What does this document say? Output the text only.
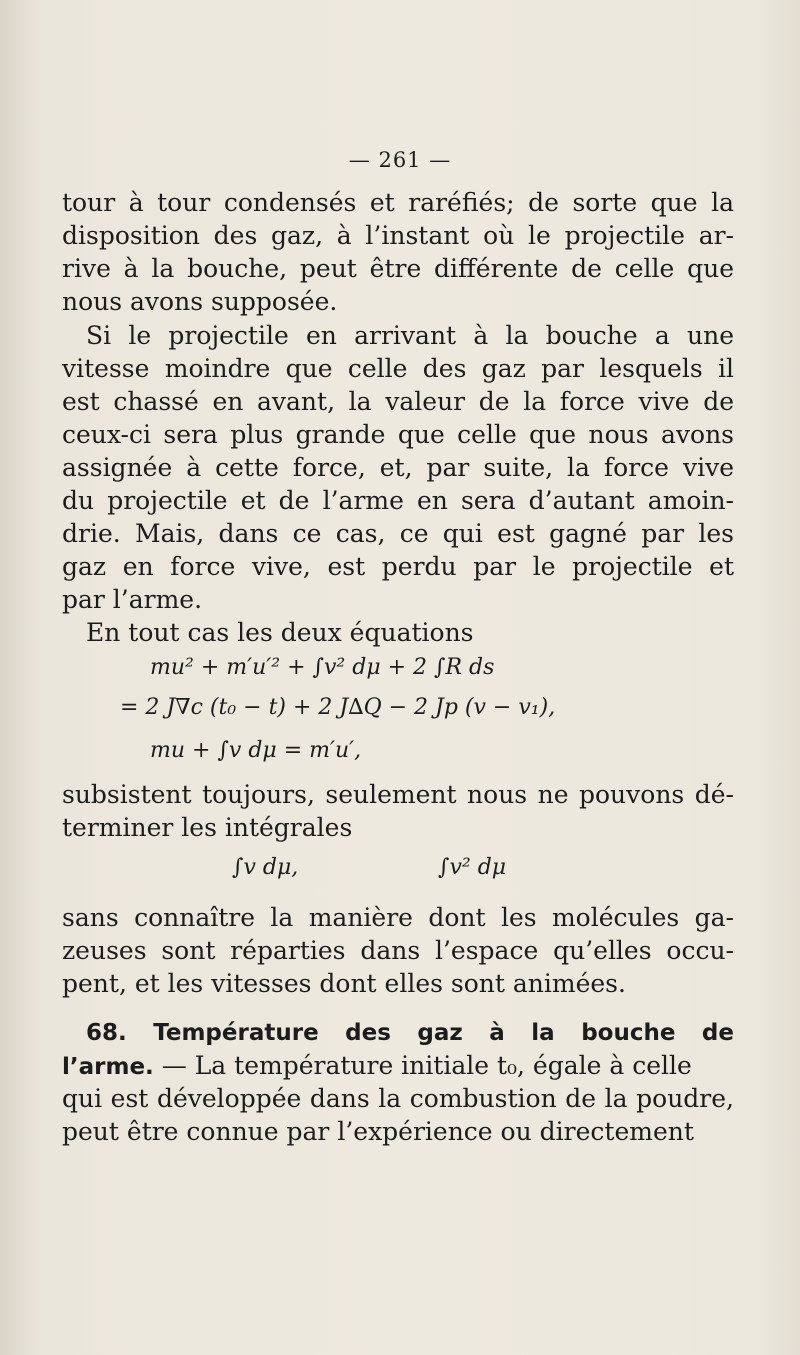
— 261 —
tour à tour condensés et raréfiés; de sorte que la
disposition des gaz, à l’instant où le projectile ar-
rive à la bouche, peut être différente de celle que
nous avons supposée.
Si le projectile en arrivant à la bouche a une
vitesse moindre que celle des gaz par lesquels il
est chassé en avant, la valeur de la force vive de
ceux-ci sera plus grande que celle que nous avons
assignée à cette force, et, par suite, la force vive
du projectile et de l’arme en sera d’autant amoin-
drie. Mais, dans ce cas, ce qui est gagné par les
gaz en force vive, est perdu par le projectile et
par l’arme.
En tout cas les deux équations
mu² + m′u′² + ∫v² dμ + 2 ∫R ds
= 2 J∇c (t₀ − t) + 2 J∆Q − 2 Jp (v − v₁),
mu + ∫v dμ = m′u′,
subsistent toujours, seulement nous ne pouvons dé-
terminer les intégrales
∫v dμ,	∫v² dμ
sans connaître la manière dont les molécules ga-
zeuses sont réparties dans l’espace qu’elles occu-
pent, et les vitesses dont elles sont animées.
68. Température des gaz à la bouche de
l’arme. — La température initiale t₀, égale à celle
qui est développée dans la combustion de la poudre,
peut être connue par l’expérience ou directement
